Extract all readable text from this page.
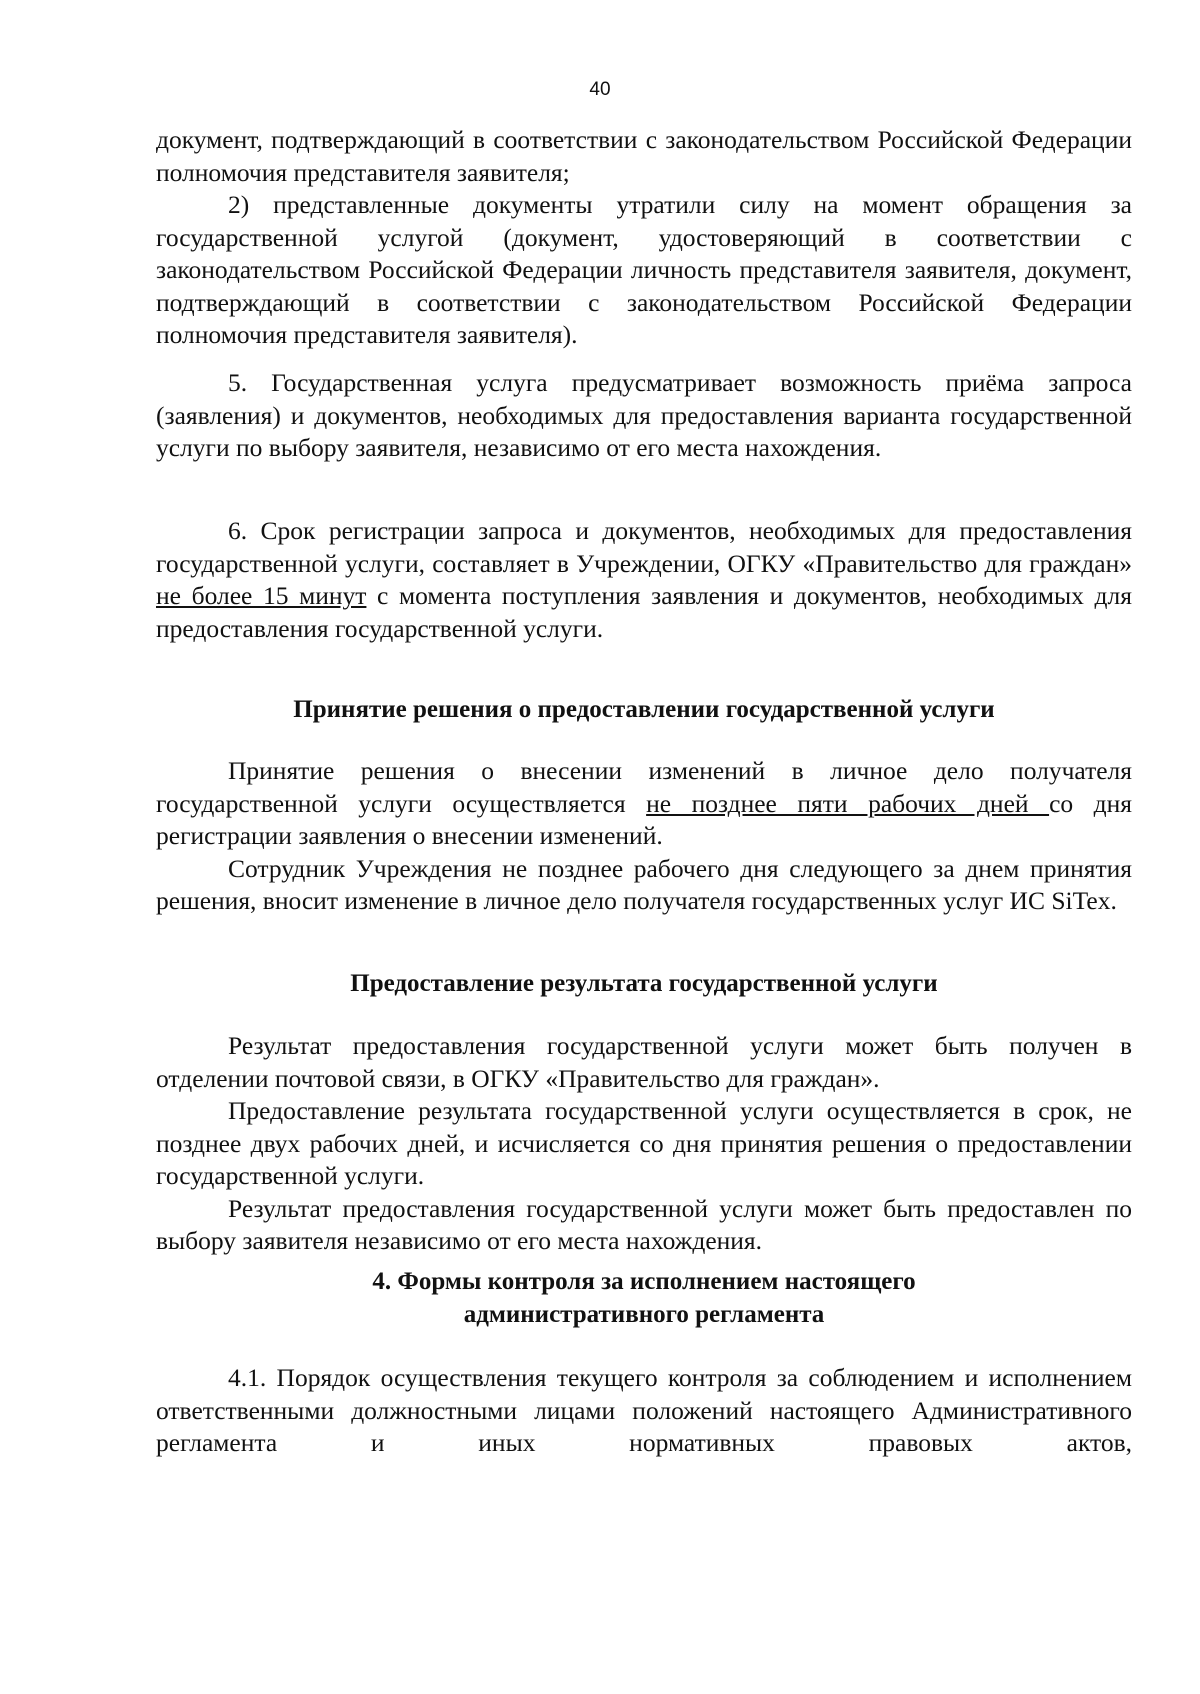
40

документ, подтверждающий в соответствии с законодательством Российской Федерации полномочия представителя заявителя;

2) представленные документы утратили силу на момент обращения за государственной услугой (документ, удостоверяющий в соответствии с законодательством Российской Федерации личность представителя заявителя, документ, подтверждающий в соответствии с законодательством Российской Федерации полномочия представителя заявителя).

5. Государственная услуга предусматривает возможность приёма запроса (заявления) и документов, необходимых для предоставления варианта государственной услуги по выбору заявителя, независимо от его места нахождения.

6. Срок регистрации запроса и документов, необходимых для предоставления государственной услуги, составляет в Учреждении, ОГКУ «Правительство для граждан» не более 15 минут с момента поступления заявления и документов, необходимых для предоставления государственной услуги.

Принятие решения о предоставлении государственной услуги

Принятие решения о внесении изменений в личное дело получателя государственной услуги осуществляется не позднее пяти рабочих дней со дня регистрации заявления о внесении изменений.

Сотрудник Учреждения не позднее рабочего дня следующего за днем принятия решения, вносит изменение в личное дело получателя государственных услуг ИС SiTex.

Предоставление результата государственной услуги

Результат предоставления государственной услуги может быть получен в отделении почтовой связи, в ОГКУ «Правительство для граждан».

Предоставление результата государственной услуги осуществляется в срок, не позднее двух рабочих дней, и исчисляется со дня принятия решения о предоставлении государственной услуги.

Результат предоставления государственной услуги может быть предоставлен по выбору заявителя независимо от его места нахождения.

4. Формы контроля за исполнением настоящего

административного регламента

4.1. Порядок осуществления текущего контроля за соблюдением и исполнением ответственными должностными лицами положений настоящего Административного регламента и иных нормативных правовых актов,
